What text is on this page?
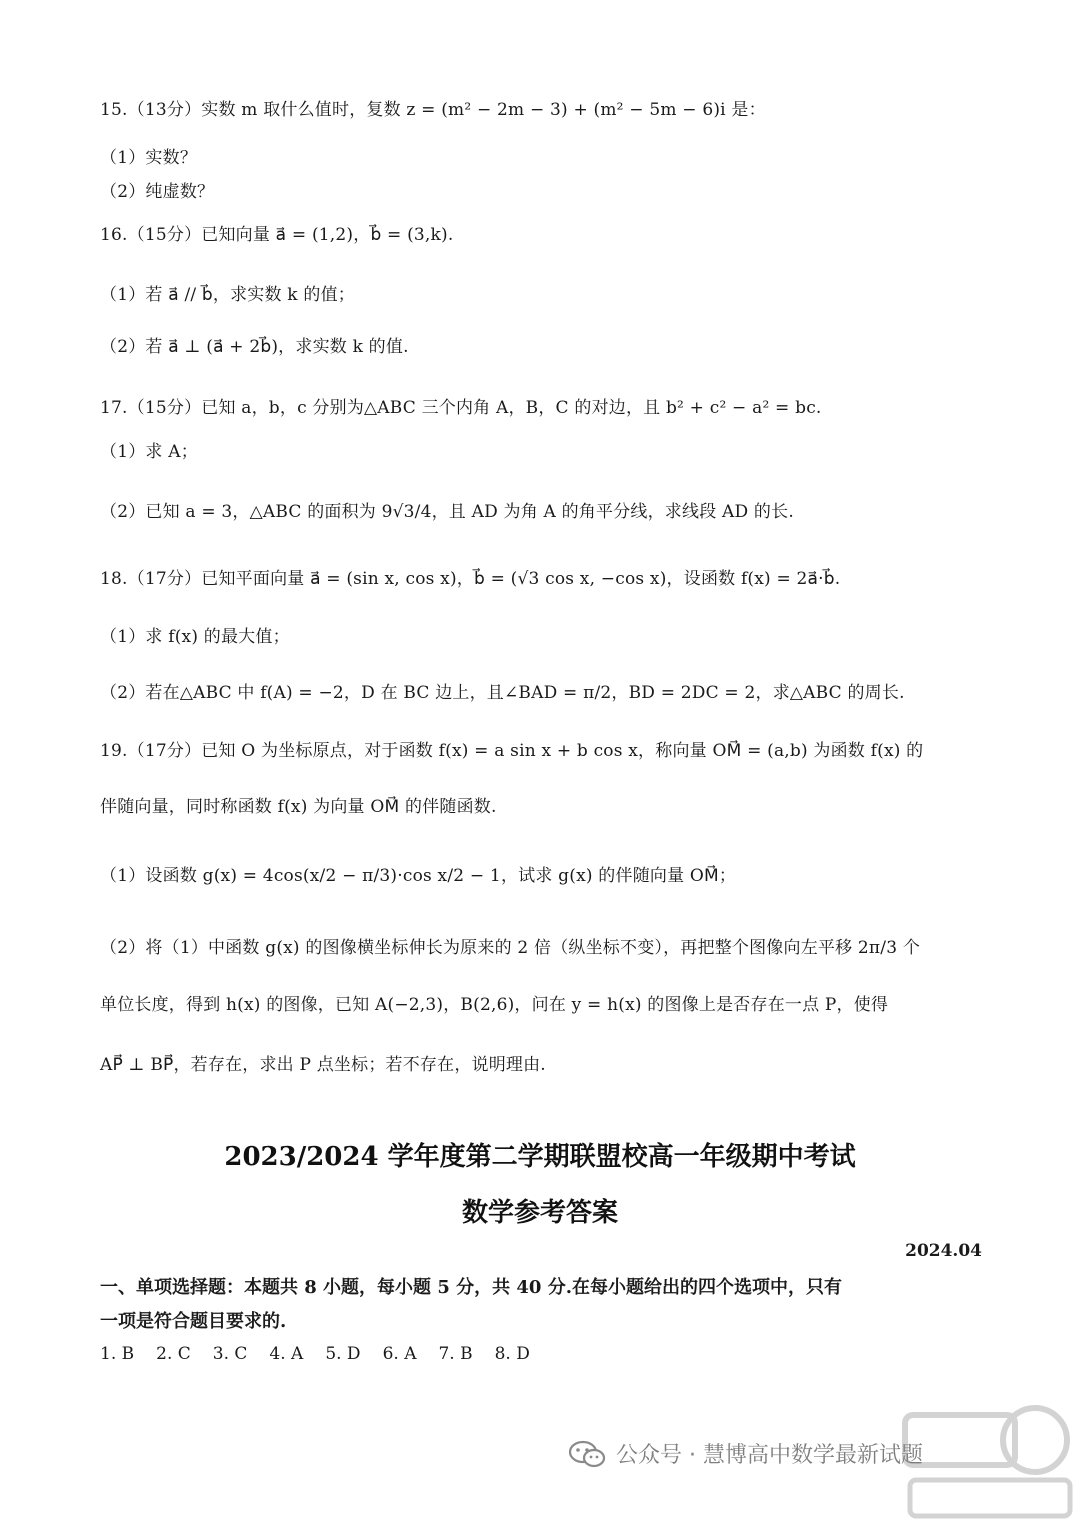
15.（13分）实数 m 取什么值时，复数 z = (m² − 2m − 3) + (m² − 5m − 6)i 是：
（1）实数？
（2）纯虚数？
16.（15分）已知向量 a⃗ = (1,2)，b⃗ = (3,k).
（1）若 a⃗ // b⃗，求实数 k 的值；
（2）若 a⃗ ⊥ (a⃗ + 2b⃗)，求实数 k 的值.
17.（15分）已知 a，b，c 分别为△ABC 三个内角 A，B，C 的对边，且 b² + c² − a² = bc.
（1）求 A；
（2）已知 a = 3，△ABC 的面积为 9√3/4，且 AD 为角 A 的角平分线，求线段 AD 的长.
18.（17分）已知平面向量 a⃗ = (sin x, cos x)，b⃗ = (√3 cos x, −cos x)，设函数 f(x) = 2a⃗·b⃗.
（1）求 f(x) 的最大值；
（2）若在△ABC 中 f(A) = −2，D 在 BC 边上，且∠BAD = π/2，BD = 2DC = 2，求△ABC 的周长.
19.（17分）已知 O 为坐标原点，对于函数 f(x) = a sin x + b cos x，称向量 OM⃗ = (a,b) 为函数 f(x) 的
伴随向量，同时称函数 f(x) 为向量 OM⃗ 的伴随函数.
（1）设函数 g(x) = 4cos(x/2 − π/3)·cos x/2 − 1，试求 g(x) 的伴随向量 OM⃗；
（2）将（1）中函数 g(x) 的图像横坐标伸长为原来的 2 倍（纵坐标不变），再把整个图像向左平移 2π/3 个
单位长度，得到 h(x) 的图像，已知 A(−2,3)，B(2,6)，问在 y = h(x) 的图像上是否存在一点 P，使得
AP⃗ ⊥ BP⃗，若存在，求出 P 点坐标；若不存在，说明理由.
2023/2024 学年度第二学期联盟校高一年级期中考试
数学参考答案
2024.04
一、单项选择题：本题共 8 小题，每小题 5 分，共 40 分.在每小题给出的四个选项中，只有
一项是符合题目要求的.
1. B 2. C 3. C 4. A 5. D 6. A 7. B 8. D
公众号 · 慧博高中数学最新试题
